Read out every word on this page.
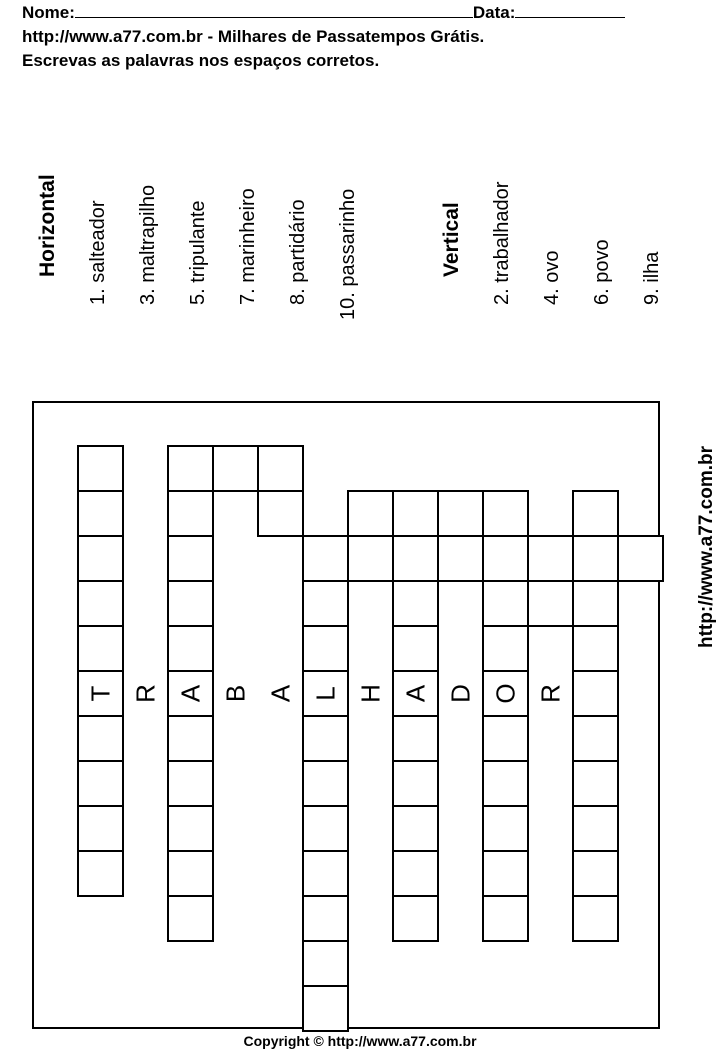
Nome:	Data:
http://www.a77.com.br - Milhares de Passatempos Grátis.
Escrevas as palavras nos espaços corretos.
Horizontal
1. salteador
3. maltrapilho
5. tripulante
7. marinheiro
8. partidário
10. passarinho	Vertical
2. trabalhador
4. ovo
6. povo
9. ilha
http://www.a77.com.br
T R A B A L H A D O R
Copyright © http://www.a77.com.br
